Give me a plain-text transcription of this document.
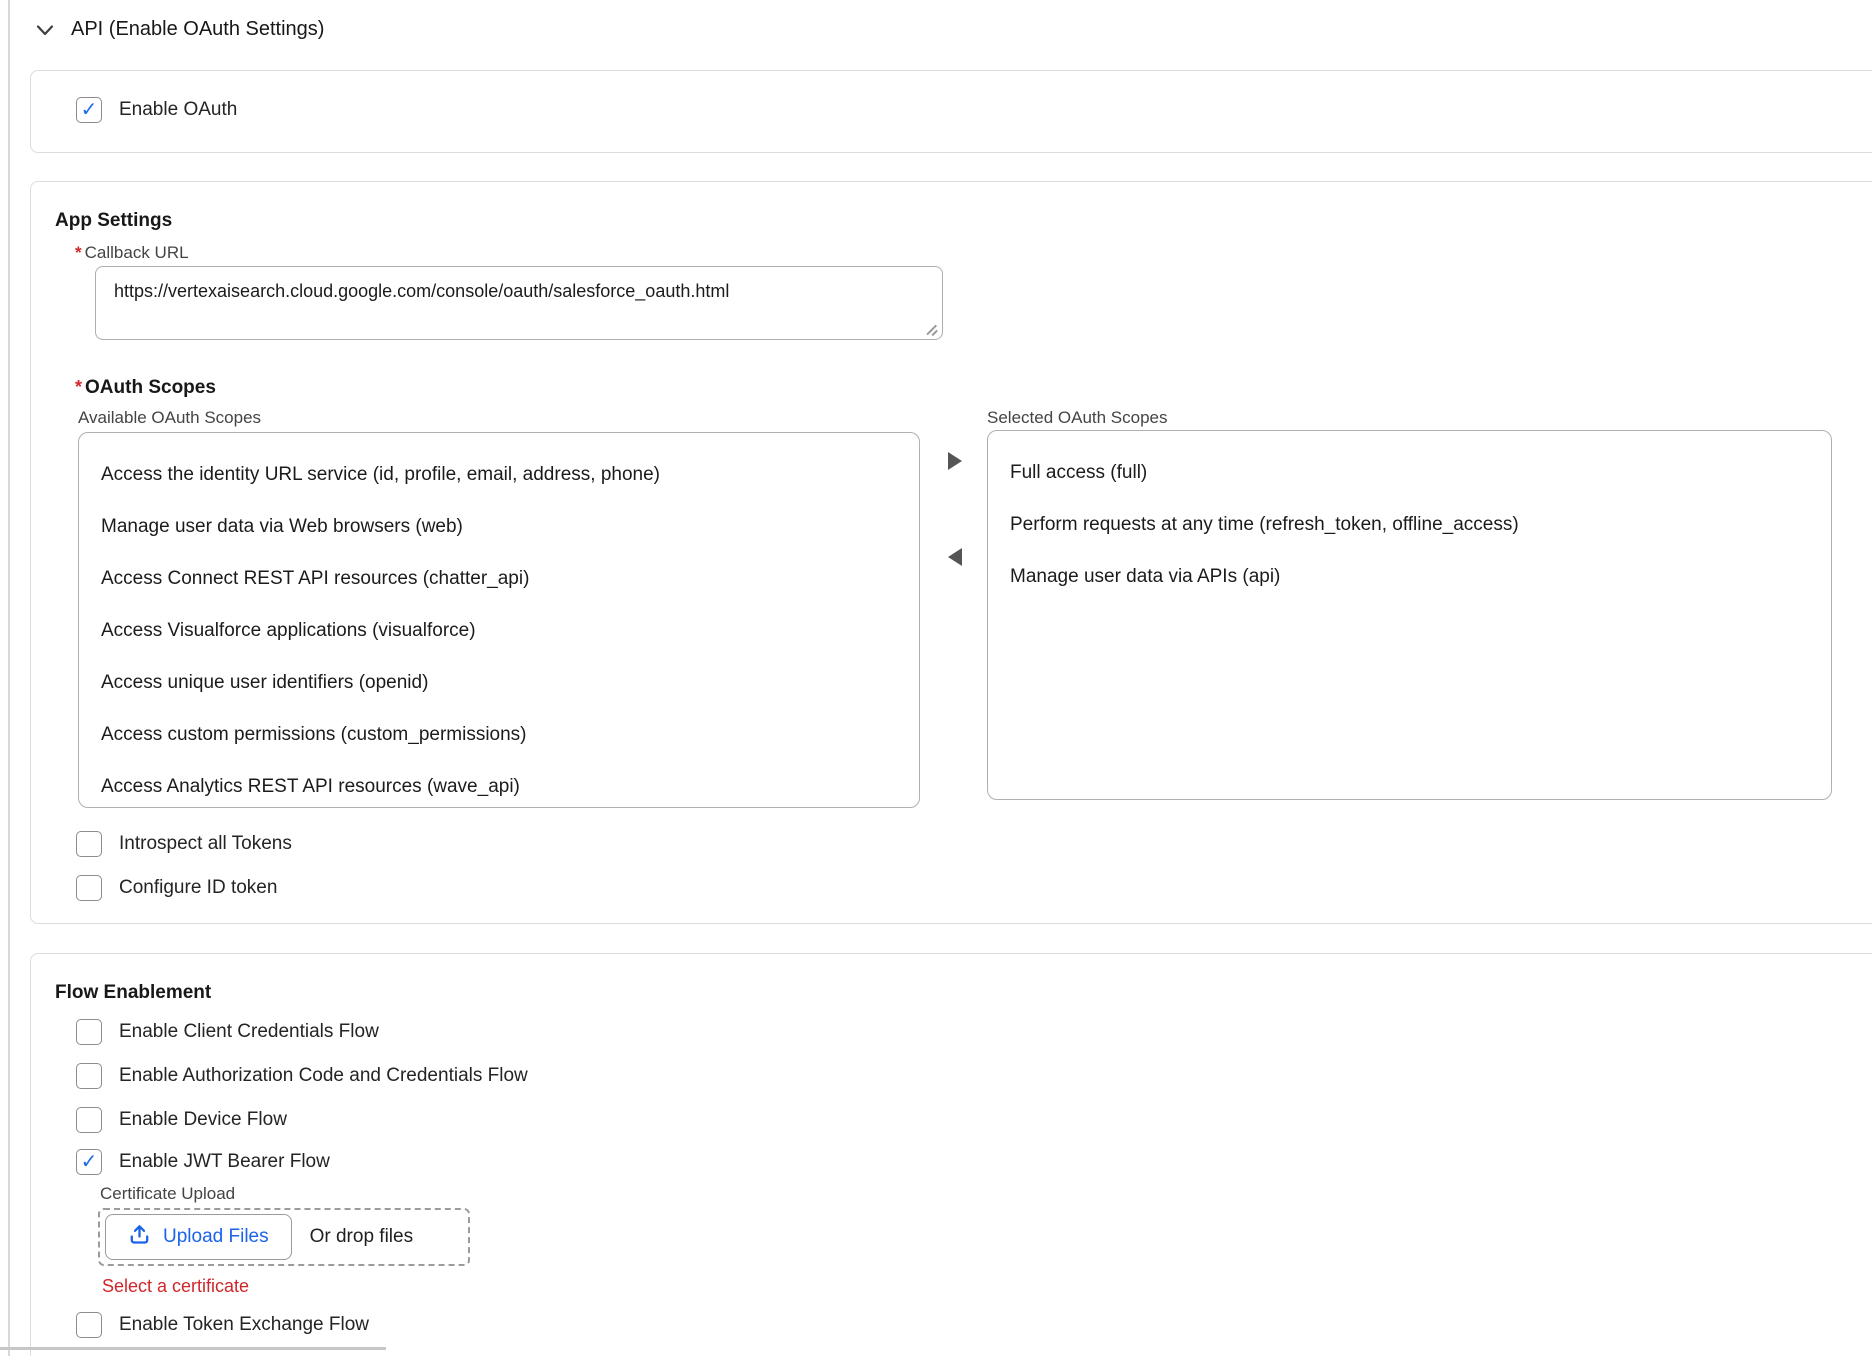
API (Enable OAuth Settings)
✓
Enable OAuth
App Settings
* Callback URL
https://vertexaisearch.cloud.google.com/console/oauth/salesforce_oauth.html
* OAuth Scopes
Available OAuth Scopes	Selected OAuth Scopes
Access the identity URL service (id, profile, email, address, phone)
Manage user data via Web browsers (web)
Access Connect REST API resources (chatter_api)
Access Visualforce applications (visualforce)
Access unique user identifiers (openid)
Access custom permissions (custom_permissions)
Access Analytics REST API resources (wave_api)
Full access (full)
Perform requests at any time (refresh_token, offline_access)
Manage user data via APIs (api)
Introspect all Tokens
Configure ID token
Flow Enablement
Enable Client Credentials Flow
Enable Authorization Code and Credentials Flow
Enable Device Flow
✓
Enable JWT Bearer Flow
Certificate Upload
Upload Files Or drop files
Select a certificate
Enable Token Exchange Flow
